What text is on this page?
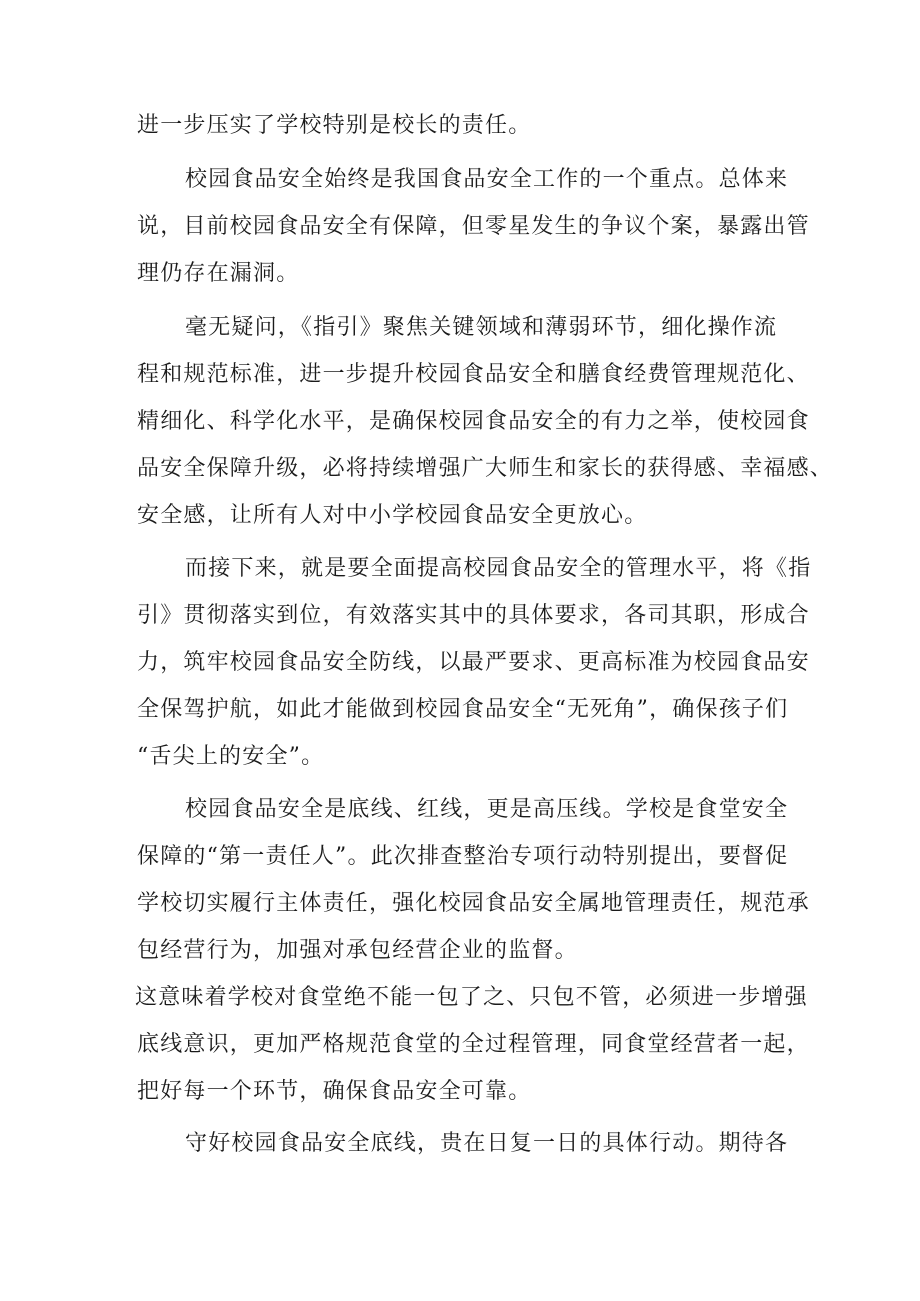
进一步压实了学校特别是校长的责任。
校园食品安全始终是我国食品安全工作的一个重点。总体来
说，目前校园食品安全有保障，但零星发生的争议个案，暴露出管
理仍存在漏洞。
毫无疑问，《指引》聚焦关键领域和薄弱环节，细化操作流
程和规范标准，进一步提升校园食品安全和膳食经费管理规范化、
精细化、科学化水平，是确保校园食品安全的有力之举，使校园食
品安全保障升级，必将持续增强广大师生和家长的获得感、幸福感、
安全感，让所有人对中小学校园食品安全更放心。
而接下来，就是要全面提高校园食品安全的管理水平，将《指
引》贯彻落实到位，有效落实其中的具体要求，各司其职，形成合
力，筑牢校园食品安全防线，以最严要求、更高标准为校园食品安
全保驾护航，如此才能做到校园食品安全“无死角”，确保孩子们
“舌尖上的安全”。
校园食品安全是底线、红线，更是高压线。学校是食堂安全
保障的“第一责任人”。此次排查整治专项行动特别提出，要督促
学校切实履行主体责任，强化校园食品安全属地管理责任，规范承
包经营行为，加强对承包经营企业的监督。
这意味着学校对食堂绝不能一包了之、只包不管，必须进一步增强
底线意识，更加严格规范食堂的全过程管理，同食堂经营者一起，
把好每一个环节，确保食品安全可靠。
守好校园食品安全底线，贵在日复一日的具体行动。期待各
